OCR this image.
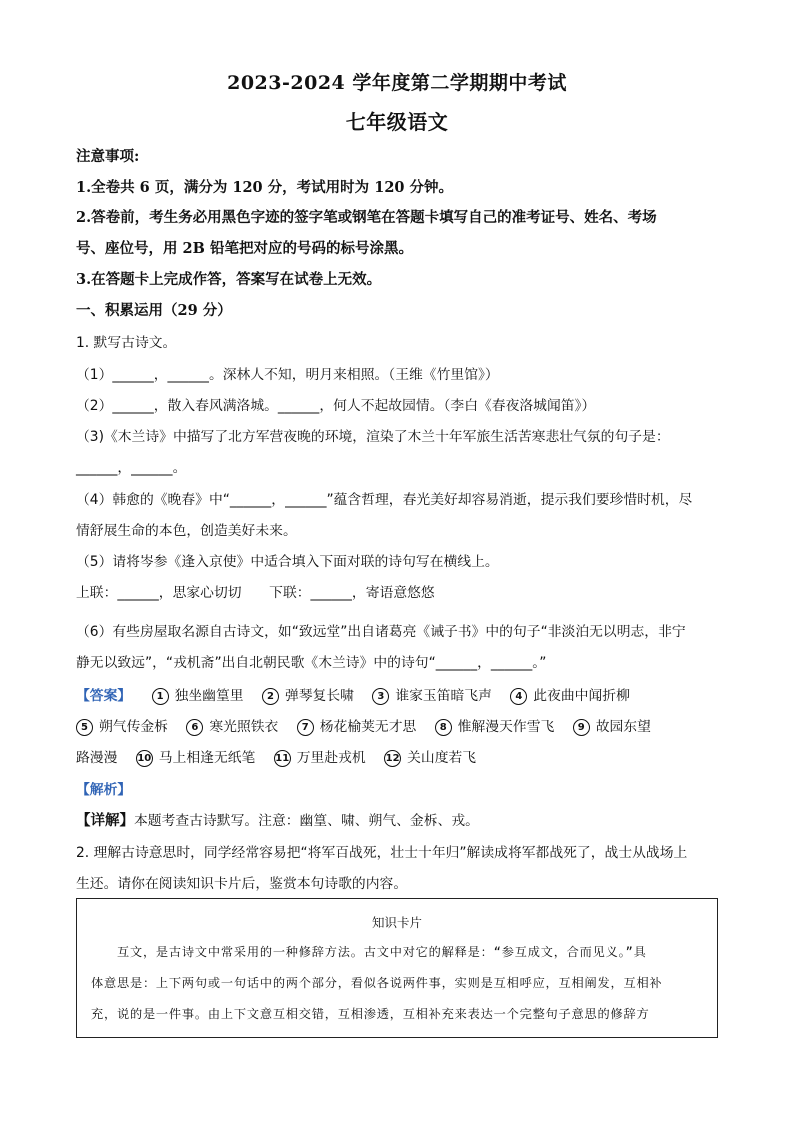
2023-2024 学年度第二学期期中考试
七年级语文
注意事项:
1.全卷共 6 页，满分为 120 分，考试用时为 120 分钟。
2.答卷前，考生务必用黑色字迹的签字笔或钢笔在答题卡填写自己的准考证号、姓名、考场
号、座位号，用 2B 铅笔把对应的号码的标号涂黑。
3.在答题卡上完成作答，答案写在试卷上无效。
一、积累运用（29 分）
1. 默写古诗文。
（1）______，______。深林人不知，明月来相照。（王维《竹里馆》）
（2）______，散入春风满洛城。______，何人不起故园情。（李白《春夜洛城闻笛》）
（3)《木兰诗》中描写了北方军营夜晚的环境，渲染了木兰十年军旅生活苦寒悲壮气氛的句子是：
______，______。
（4）韩愈的《晚春》中“______，______”蕴含哲理，春光美好却容易消逝，提示我们要珍惜时机，尽
情舒展生命的本色，创造美好未来。
（5）请将岑参《逢入京使》中适合填入下面对联的诗句写在横线上。
上联：______，思家心切切　　下联：______，寄语意悠悠
（6）有些房屋取名源自古诗文，如“致远堂”出自诸葛亮《诫子书》中的句子“非淡泊无以明志，非宁
静无以致远”，“戎机斋”出自北朝民歌《木兰诗》中的诗句“______，______。”
【答案】	1 独坐幽篁里 2 弹琴复长啸 3 谁家玉笛暗飞声 4 此夜曲中闻折柳
5 朔气传金柝 6 寒光照铁衣 7 杨花榆荚无才思 8 惟解漫天作雪飞 9 故园东望
路漫漫 10 马上相逢无纸笔 11 万里赴戎机 12 关山度若飞
【解析】
【详解】本题考查古诗默写。注意：幽篁、啸、朔气、金柝、戎。
2. 理解古诗意思时，同学经常容易把“将军百战死，壮士十年归”解读成将军都战死了，战士从战场上
生还。请你在阅读知识卡片后，鉴赏本句诗歌的内容。
知识卡片
　　互文，是古诗文中常采用的一种修辞方法。古文中对它的解释是：“参互成文，合而见义。”具
体意思是：上下两句或一句话中的两个部分，看似各说两件事，实则是互相呼应，互相阐发，互相补
充，说的是一件事。由上下文意互相交错，互相渗透，互相补充来表达一个完整句子意思的修辞方
